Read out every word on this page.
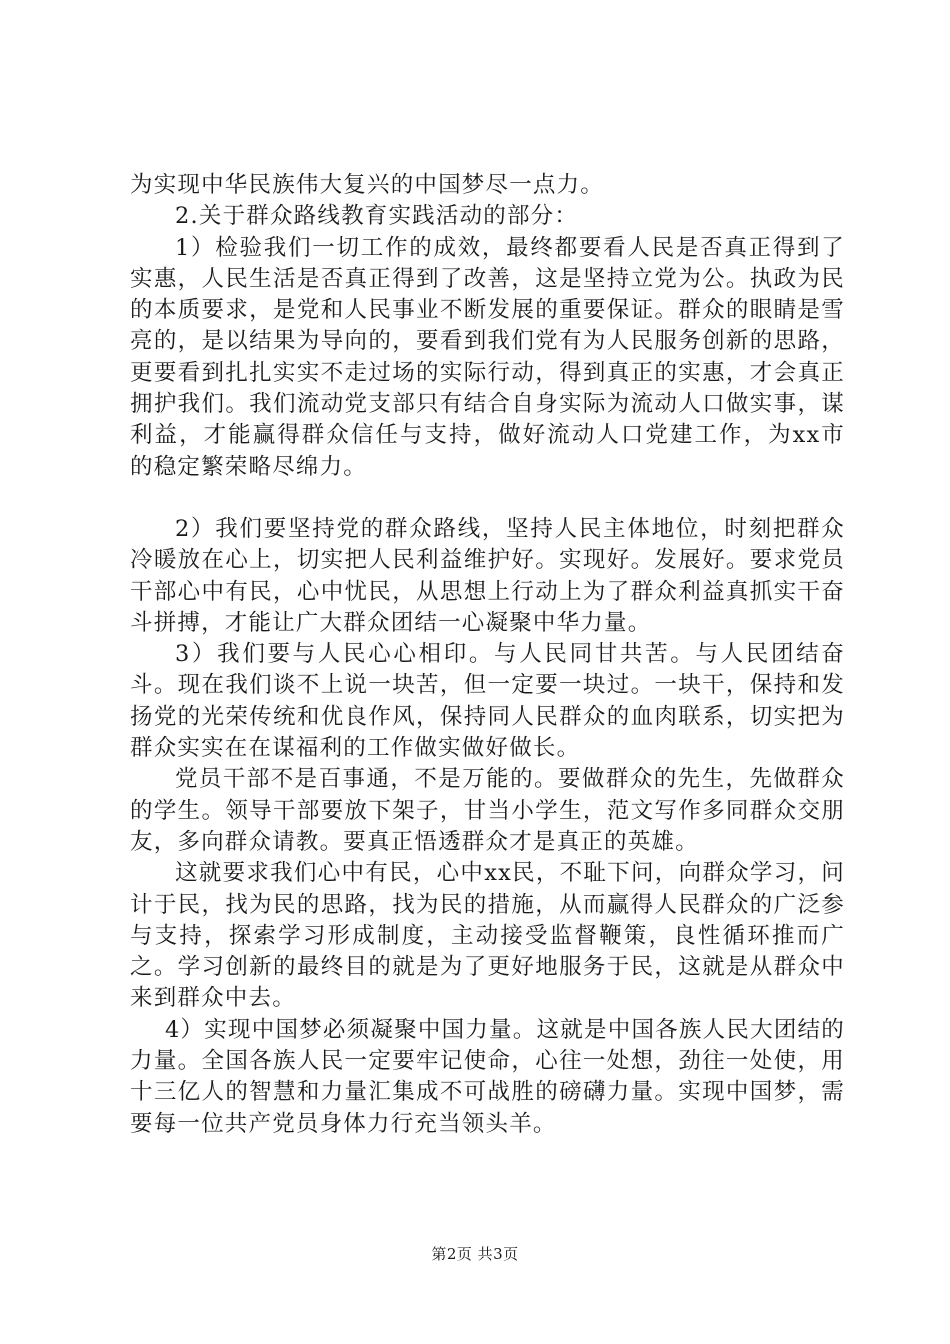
为实现中华民族伟大复兴的中国梦尽一点力。

2.关于群众路线教育实践活动的部分：

1）检验我们一切工作的成效，最终都要看人民是否真正得到了实惠，人民生活是否真正得到了改善，这是坚持立党为公。执政为民的本质要求，是党和人民事业不断发展的重要保证。群众的眼睛是雪亮的，是以结果为导向的，要看到我们党有为人民服务创新的思路，更要看到扎扎实实不走过场的实际行动，得到真正的实惠，才会真正拥护我们。我们流动党支部只有结合自身实际为流动人口做实事，谋利益，才能赢得群众信任与支持，做好流动人口党建工作，为xx市的稳定繁荣略尽绵力。

2）我们要坚持党的群众路线，坚持人民主体地位，时刻把群众冷暖放在心上，切实把人民利益维护好。实现好。发展好。要求党员干部心中有民，心中忧民，从思想上行动上为了群众利益真抓实干奋斗拼搏，才能让广大群众团结一心凝聚中华力量。

3）我们要与人民心心相印。与人民同甘共苦。与人民团结奋斗。现在我们谈不上说一块苦，但一定要一块过。一块干，保持和发扬党的光荣传统和优良作风，保持同人民群众的血肉联系，切实把为群众实实在在谋福利的工作做实做好做长。

党员干部不是百事通，不是万能的。要做群众的先生，先做群众的学生。领导干部要放下架子，甘当小学生，范文写作多同群众交朋友，多向群众请教。要真正悟透群众才是真正的英雄。

这就要求我们心中有民，心中xx民，不耻下问，向群众学习，问计于民，找为民的思路，找为民的措施，从而赢得人民群众的广泛参与支持，探索学习形成制度，主动接受监督鞭策，良性循环推而广之。学习创新的最终目的就是为了更好地服务于民，这就是从群众中来到群众中去。

4）实现中国梦必须凝聚中国力量。这就是中国各族人民大团结的力量。全国各族人民一定要牢记使命，心往一处想，劲往一处使，用十三亿人的智慧和力量汇集成不可战胜的磅礴力量。实现中国梦，需要每一位共产党员身体力行充当领头羊。

第2页 共3页
